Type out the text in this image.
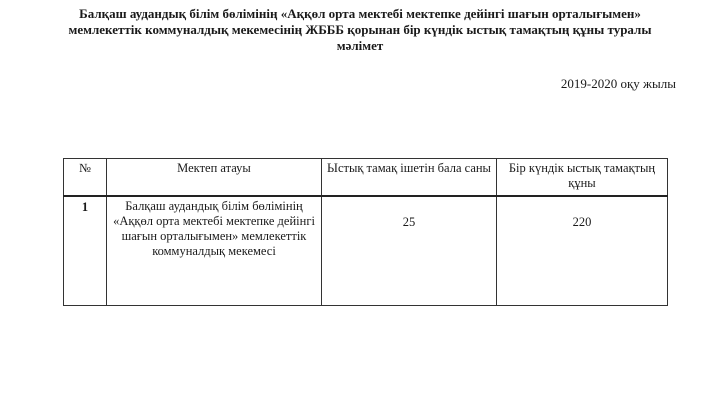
Балқаш аудандық білім бөлімінің «Аққөл орта мектебі мектепке дейінгі шағын орталығымен»
мемлекеттік коммуналдық мекемесінің ЖБББ қорынан бір күндік ыстық тамақтың құны туралы
мәлімет
2019-2020 оқу жылы
№	Мектеп атауы	Ыстық тамақ ішетін бала саны	Бір күндік ыстық тамақтың құны
1	Балқаш аудандық білім бөлімінің «Аққөл орта мектебі мектепке дейінгі шағын орталығымен» мемлекеттік коммуналдық мекемесі	25	220
